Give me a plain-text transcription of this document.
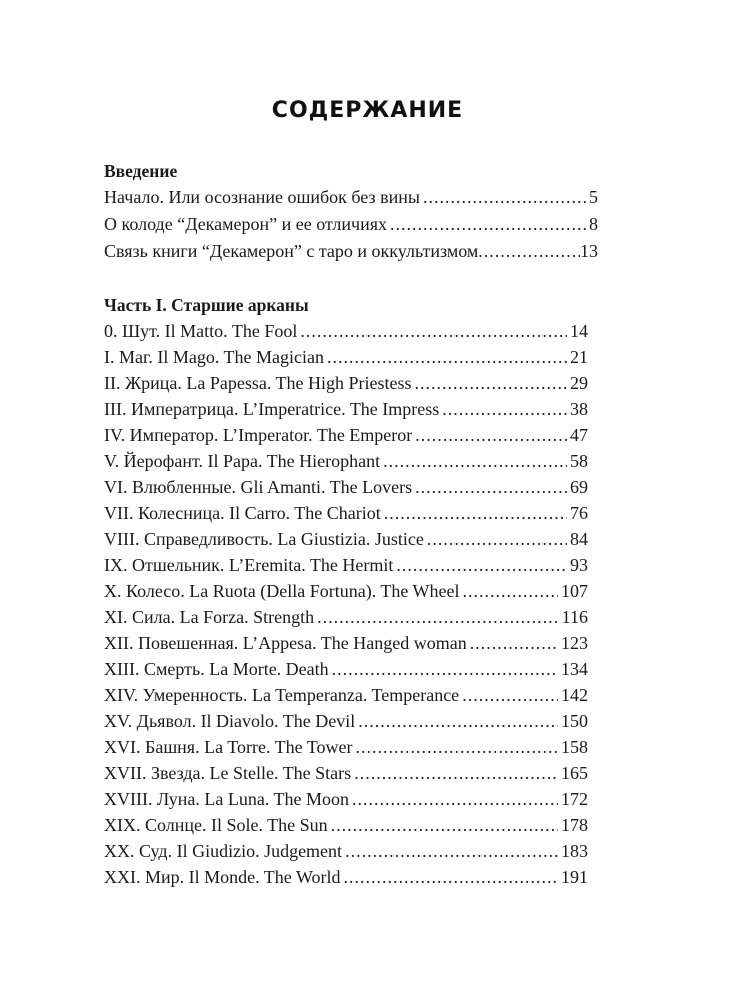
СОДЕРЖАНИЕ
Введение
Начало. Или осознание ошибок без вины .....	5
О колоде “Декамерон” и ее отличиях .....	8
Связь книги “Декамерон” с таро и оккультизмом .....	13
Часть I. Старшие арканы
0. Шут. Il Matto. The Fool .....	14
I. Маг. Il Mago. The Magician .....	21
II. Жрица. La Papessa. The High Priestess .....	29
III. Императрица. L’Imperatrice. The Impress .....	38
IV. Император. L’Imperator. The Emperor .....	47
V. Йерофант. Il Papa. The Hierophant .....	58
VI. Влюбленные. Gli Amanti. The Lovers .....	69
VII. Колесница. Il Carro. The Chariot .....	76
VIII. Справедливость. La Giustizia. Justice .....	84
IX. Отшельник. L’Eremita. The Hermit .....	93
X. Колесо. La Ruota (Della Fortuna). The Wheel .....	107
XI. Сила. La Forza. Strength .....	116
XII. Повешенная. L’Appesa. The Hanged woman .....	123
XIII. Смерть. La Morte. Death .....	134
XIV. Умеренность. La Temperanza. Temperance .....	142
XV. Дьявол. Il Diavolo. The Devil .....	150
XVI. Башня. La Torre. The Tower .....	158
XVII. Звезда. Le Stelle. The Stars .....	165
XVIII. Луна. La Luna. The Moon .....	172
XIX. Солнце. Il Sole. The Sun .....	178
XX. Суд. Il Giudizio. Judgement .....	183
XXI. Мир. Il Monde. The World .....	191
